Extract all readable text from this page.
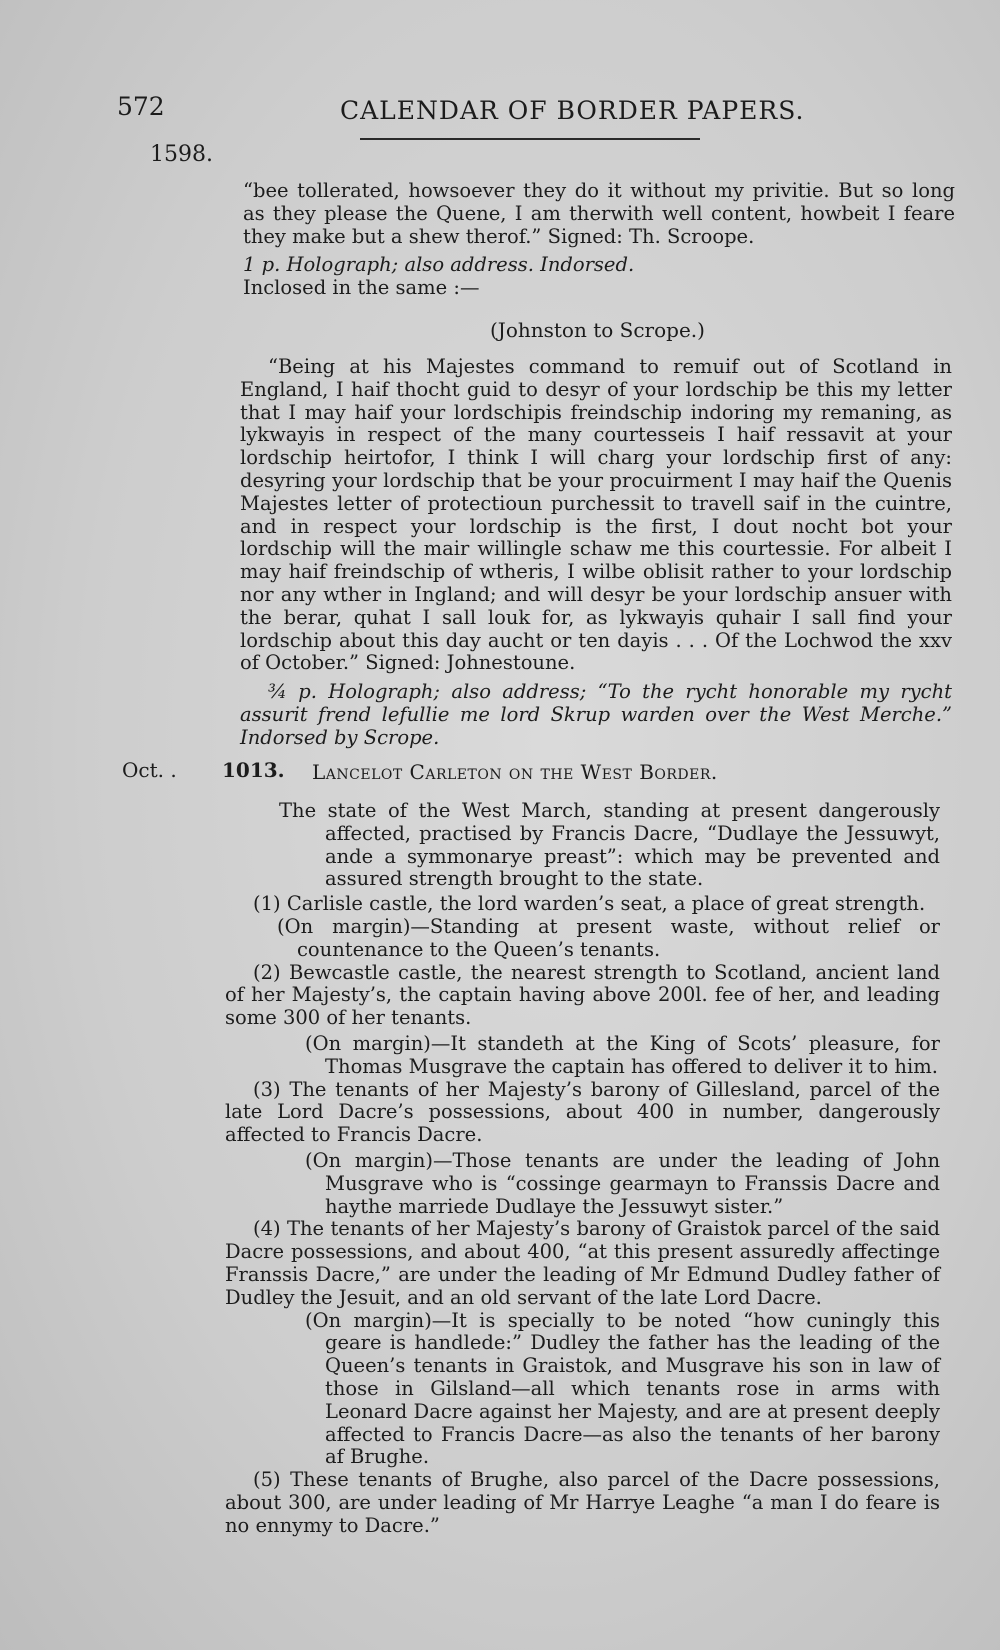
572	CALENDAR OF BORDER PAPERS.
1598.

“bee tollerated, howsoever they do it without my privitie. But so long as they please the Quene, I am therwith well content, howbeit I feare they make but a shew therof.” Signed: Th. Scroope.

1 p. Holograph; also address. Indorsed.

Inclosed in the same :—

(Johnston to Scrope.)

“Being at his Majestes command to remuif out of Scotland in England, I haif thocht guid to desyr of your lordschip be this my letter that I may haif your lordschipis freindschip indoring my remaning, as lykwayis in respect of the many courtesseis I haif ressavit at your lordschip heirtofor, I think I will charg your lordschip first of any: desyring your lordschip that be your procuirment I may haif the Quenis Majestes letter of protectioun purchessit to travell saif in the cuintre, and in respect your lordschip is the first, I dout nocht bot your lordschip will the mair willingle schaw me this courtessie. For albeit I may haif freindschip of wtheris, I wilbe oblisit rather to your lordschip nor any wther in Ingland; and will desyr be your lordschip ansuer with the berar, quhat I sall louk for, as lykwayis quhair I sall find your lordschip about this day aucht or ten dayis . . . Of the Lochwod the xxv of October.” Signed: Johnestoune.

¾ p. Holograph; also address; “To the rycht honorable my rycht assurit frend lefullie me lord Skrup warden over the West Merche.” Indorsed by Scrope.

Oct. . 1013. Lancelot Carleton on the West Border.

The state of the West March, standing at present dangerously affected, practised by Francis Dacre, “Dudlaye the Jessuwyt, ande a symmonarye preast”: which may be prevented and assured strength brought to the state.

(1) Carlisle castle, the lord warden’s seat, a place of great strength.

(On margin)—Standing at present waste, without relief or countenance to the Queen’s tenants.

(2) Bewcastle castle, the nearest strength to Scotland, ancient land of her Majesty’s, the captain having above 200l. fee of her, and leading some 300 of her tenants.

(On margin)—It standeth at the King of Scots’ pleasure, for Thomas Musgrave the captain has offered to deliver it to him.

(3) The tenants of her Majesty’s barony of Gillesland, parcel of the late Lord Dacre’s possessions, about 400 in number, dangerously affected to Francis Dacre.

(On margin)—Those tenants are under the leading of John Musgrave who is “cossinge gearmayn to Franssis Dacre and haythe marriede Dudlaye the Jessuwyt sister.”

(4) The tenants of her Majesty’s barony of Graistok parcel of the said Dacre possessions, and about 400, “at this present assuredly affectinge Franssis Dacre,” are under the leading of Mr Edmund Dudley father of Dudley the Jesuit, and an old servant of the late Lord Dacre.

(On margin)—It is specially to be noted “how cuningly this geare is handlede:” Dudley the father has the leading of the Queen’s tenants in Graistok, and Musgrave his son in law of those in Gilsland—all which tenants rose in arms with Leonard Dacre against her Majesty, and are at present deeply affected to Francis Dacre—as also the tenants of her barony af Brughe.

(5) These tenants of Brughe, also parcel of the Dacre possessions, about 300, are under leading of Mr Harrye Leaghe “a man I do feare is no ennymy to Dacre.”
